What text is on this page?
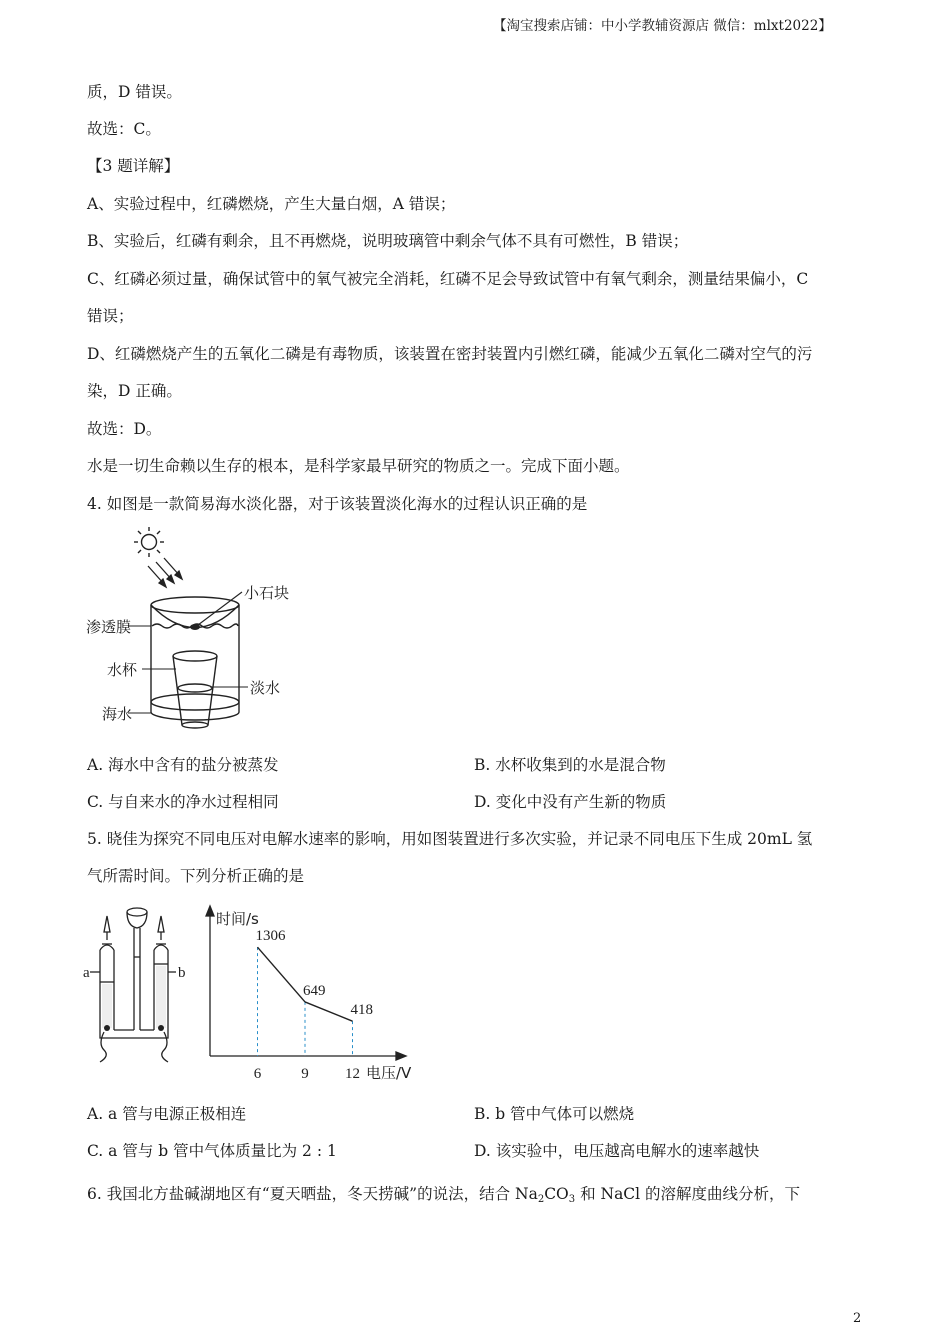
【淘宝搜索店铺：中小学教辅资源店 微信：mlxt2022】
2
质，D 错误。
故选：C。
【3 题详解】
A、实验过程中，红磷燃烧，产生大量白烟，A 错误；
B、实验后，红磷有剩余，且不再燃烧，说明玻璃管中剩余气体不具有可燃性，B 错误；
C、红磷必须过量，确保试管中的氧气被完全消耗，红磷不足会导致试管中有氧气剩余，测量结果偏小，C
错误；
D、红磷燃烧产生的五氧化二磷是有毒物质，该装置在密封装置内引燃红磷，能减少五氧化二磷对空气的污
染，D 正确。
故选：D。
水是一切生命赖以生存的根本，是科学家最早研究的物质之一。完成下面小题。
4. 如图是一款简易海水淡化器，对于该装置淡化海水的过程认识正确的是
小石块
渗透膜
水杯
淡水
海水
A. 海水中含有的盐分被蒸发	B. 水杯收集到的水是混合物
C. 与自来水的净水过程相同	D. 变化中没有产生新的物质
5. 晓佳为探究不同电压对电解水速率的影响，用如图装置进行多次实验，并记录不同电压下生成 20mL 氢
气所需时间。下列分析正确的是
a	b
时间/s
电压/V
1306
6
649
9
418
12
A. a 管与电源正极相连	B. b 管中气体可以燃烧
C. a 管与 b 管中气体质量比为 2 : 1	D. 该实验中，电压越高电解水的速率越快
6. 我国北方盐碱湖地区有“夏天晒盐，冬天捞碱”的说法，结合 $Na_2CO_3$ 和 NaCl 的溶解度曲线分析，下
